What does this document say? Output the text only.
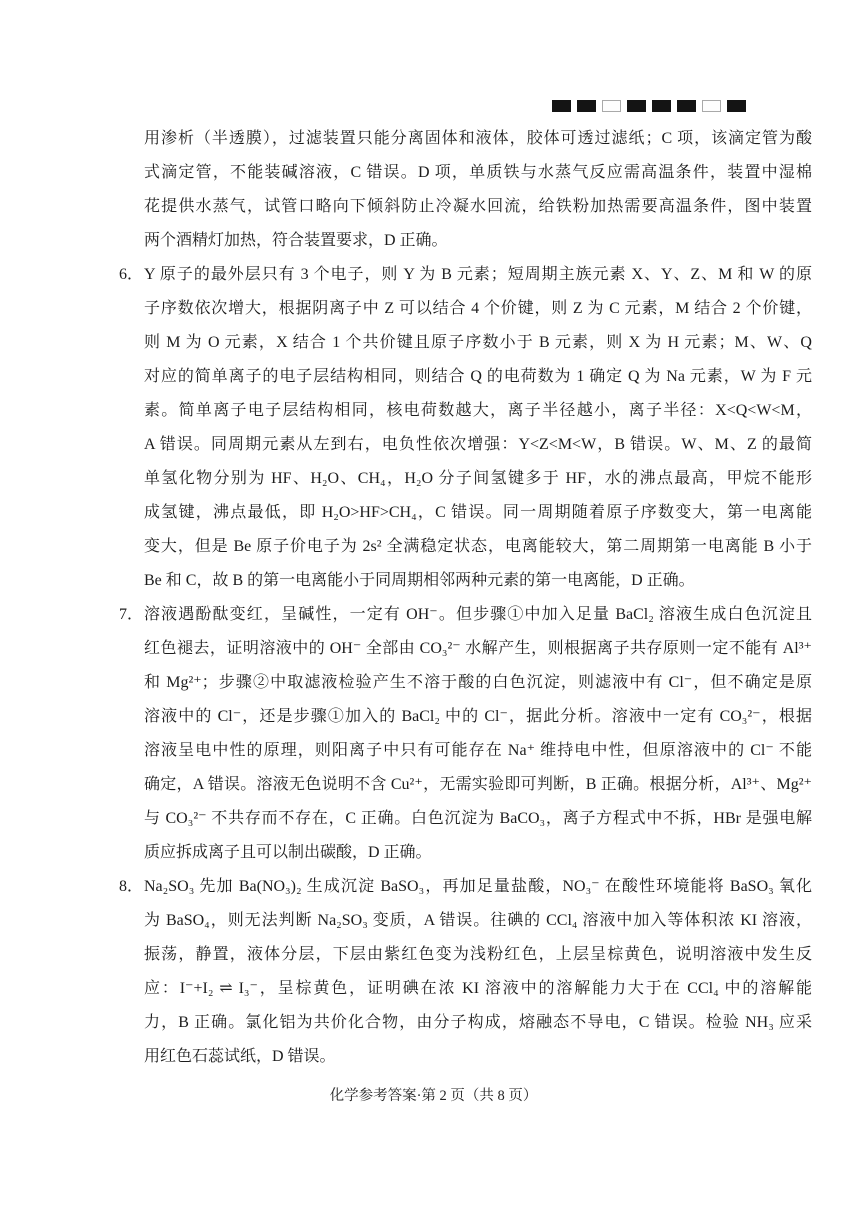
用渗析（半透膜），过滤装置只能分离固体和液体，胶体可透过滤纸；C 项，该滴定管为酸
式滴定管，不能装碱溶液，C 错误。D 项，单质铁与水蒸气反应需高温条件，装置中湿棉
花提供水蒸气，试管口略向下倾斜防止冷凝水回流，给铁粉加热需要高温条件，图中装置
两个酒精灯加热，符合装置要求，D 正确。
6． Y 原子的最外层只有 3 个电子，则 Y 为 B 元素；短周期主族元素 X、Y、Z、M 和 W 的原
子序数依次增大，根据阴离子中 Z 可以结合 4 个价键，则 Z 为 C 元素，M 结合 2 个价键，
则 M 为 O 元素，X 结合 1 个共价键且原子序数小于 B 元素，则 X 为 H 元素；M、W、Q
对应的简单离子的电子层结构相同，则结合 Q 的电荷数为 1 确定 Q 为 Na 元素，W 为 F 元
素。简单离子电子层结构相同，核电荷数越大，离子半径越小，离子半径：X<Q<W<M，
A 错误。同周期元素从左到右，电负性依次增强：Y<Z<M<W，B 错误。W、M、Z 的最简
单氢化物分别为 HF、H₂O、CH₄，H₂O 分子间氢键多于 HF，水的沸点最高，甲烷不能形
成氢键，沸点最低，即 H₂O>HF>CH₄，C 错误。同一周期随着原子序数变大，第一电离能
变大，但是 Be 原子价电子为 2s² 全满稳定状态，电离能较大，第二周期第一电离能 B 小于
Be 和 C，故 B 的第一电离能小于同周期相邻两种元素的第一电离能，D 正确。
7． 溶液遇酚酞变红，呈碱性，一定有 OH⁻。但步骤①中加入足量 BaCl₂ 溶液生成白色沉淀且
红色褪去，证明溶液中的 OH⁻ 全部由 CO₃²⁻ 水解产生，则根据离子共存原则一定不能有 Al³⁺
和 Mg²⁺；步骤②中取滤液检验产生不溶于酸的白色沉淀，则滤液中有 Cl⁻，但不确定是原
溶液中的 Cl⁻，还是步骤①加入的 BaCl₂ 中的 Cl⁻，据此分析。溶液中一定有 CO₃²⁻，根据
溶液呈电中性的原理，则阳离子中只有可能存在 Na⁺ 维持电中性，但原溶液中的 Cl⁻ 不能
确定，A 错误。溶液无色说明不含 Cu²⁺，无需实验即可判断，B 正确。根据分析，Al³⁺、Mg²⁺
与 CO₃²⁻ 不共存而不存在，C 正确。白色沉淀为 BaCO₃，离子方程式中不拆，HBr 是强电解
质应拆成离子且可以制出碳酸，D 正确。
8． Na₂SO₃ 先加 Ba(NO₃)₂ 生成沉淀 BaSO₃，再加足量盐酸，NO₃⁻ 在酸性环境能将 BaSO₃ 氧化
为 BaSO₄，则无法判断 Na₂SO₃ 变质，A 错误。往碘的 CCl₄ 溶液中加入等体积浓 KI 溶液，
振荡，静置，液体分层，下层由紫红色变为浅粉红色，上层呈棕黄色，说明溶液中发生反
应：I⁻+I₂ ⇌ I₃⁻，呈棕黄色，证明碘在浓 KI 溶液中的溶解能力大于在 CCl₄ 中的溶解能
力，B 正确。氯化铝为共价化合物，由分子构成，熔融态不导电，C 错误。检验 NH₃ 应采
用红色石蕊试纸，D 错误。
化学参考答案·第 2 页（共 8 页）
